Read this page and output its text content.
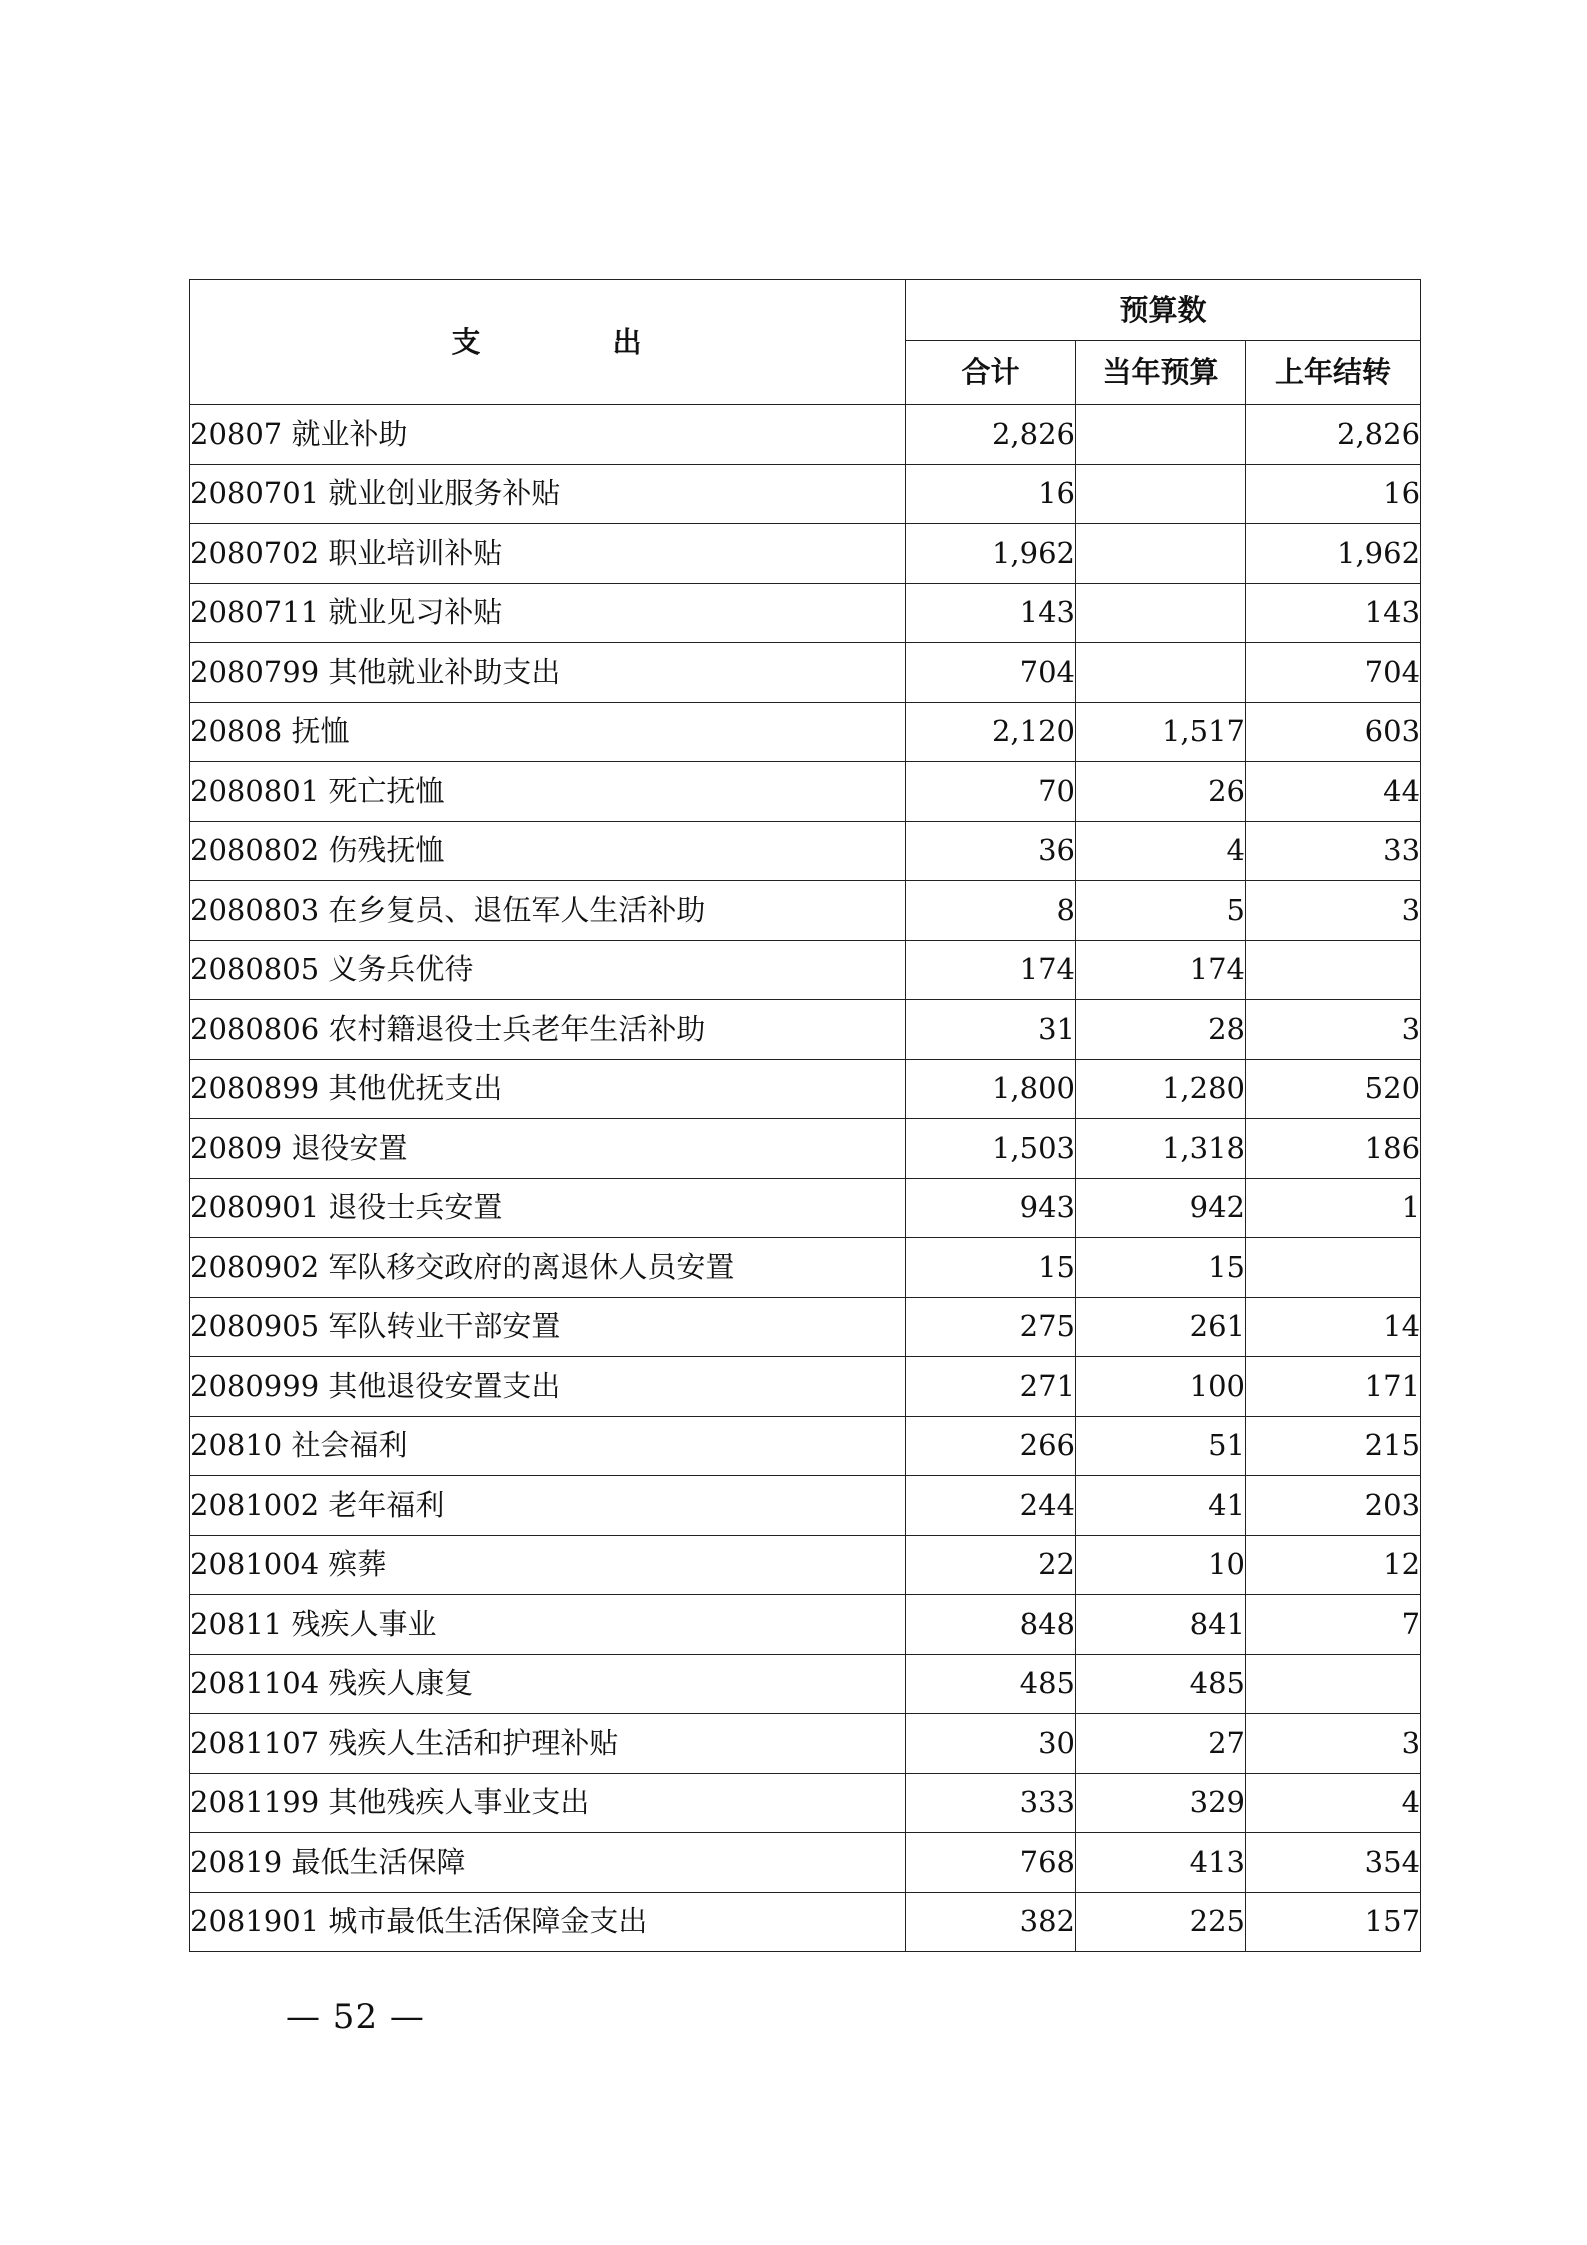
支 出	预算数		
	合计	当年预算	上年结转
20807 就业补助	2,826		2,826
2080701 就业创业服务补贴	16		16
2080702 职业培训补贴	1,962		1,962
2080711 就业见习补贴	143		143
2080799 其他就业补助支出	704		704
20808 抚恤	2,120	1,517	603
2080801 死亡抚恤	70	26	44
2080802 伤残抚恤	36	4	33
2080803 在乡复员、退伍军人生活补助	8	5	3
2080805 义务兵优待	174	174	
2080806 农村籍退役士兵老年生活补助	31	28	3
2080899 其他优抚支出	1,800	1,280	520
20809 退役安置	1,503	1,318	186
2080901 退役士兵安置	943	942	1
2080902 军队移交政府的离退休人员安置	15	15	
2080905 军队转业干部安置	275	261	14
2080999 其他退役安置支出	271	100	171
20810 社会福利	266	51	215
2081002 老年福利	244	41	203
2081004 殡葬	22	10	12
20811 残疾人事业	848	841	7
2081104 残疾人康复	485	485	
2081107 残疾人生活和护理补贴	30	27	3
2081199 其他残疾人事业支出	333	329	4
20819 最低生活保障	768	413	354
2081901 城市最低生活保障金支出	382	225	157
— 52 —
